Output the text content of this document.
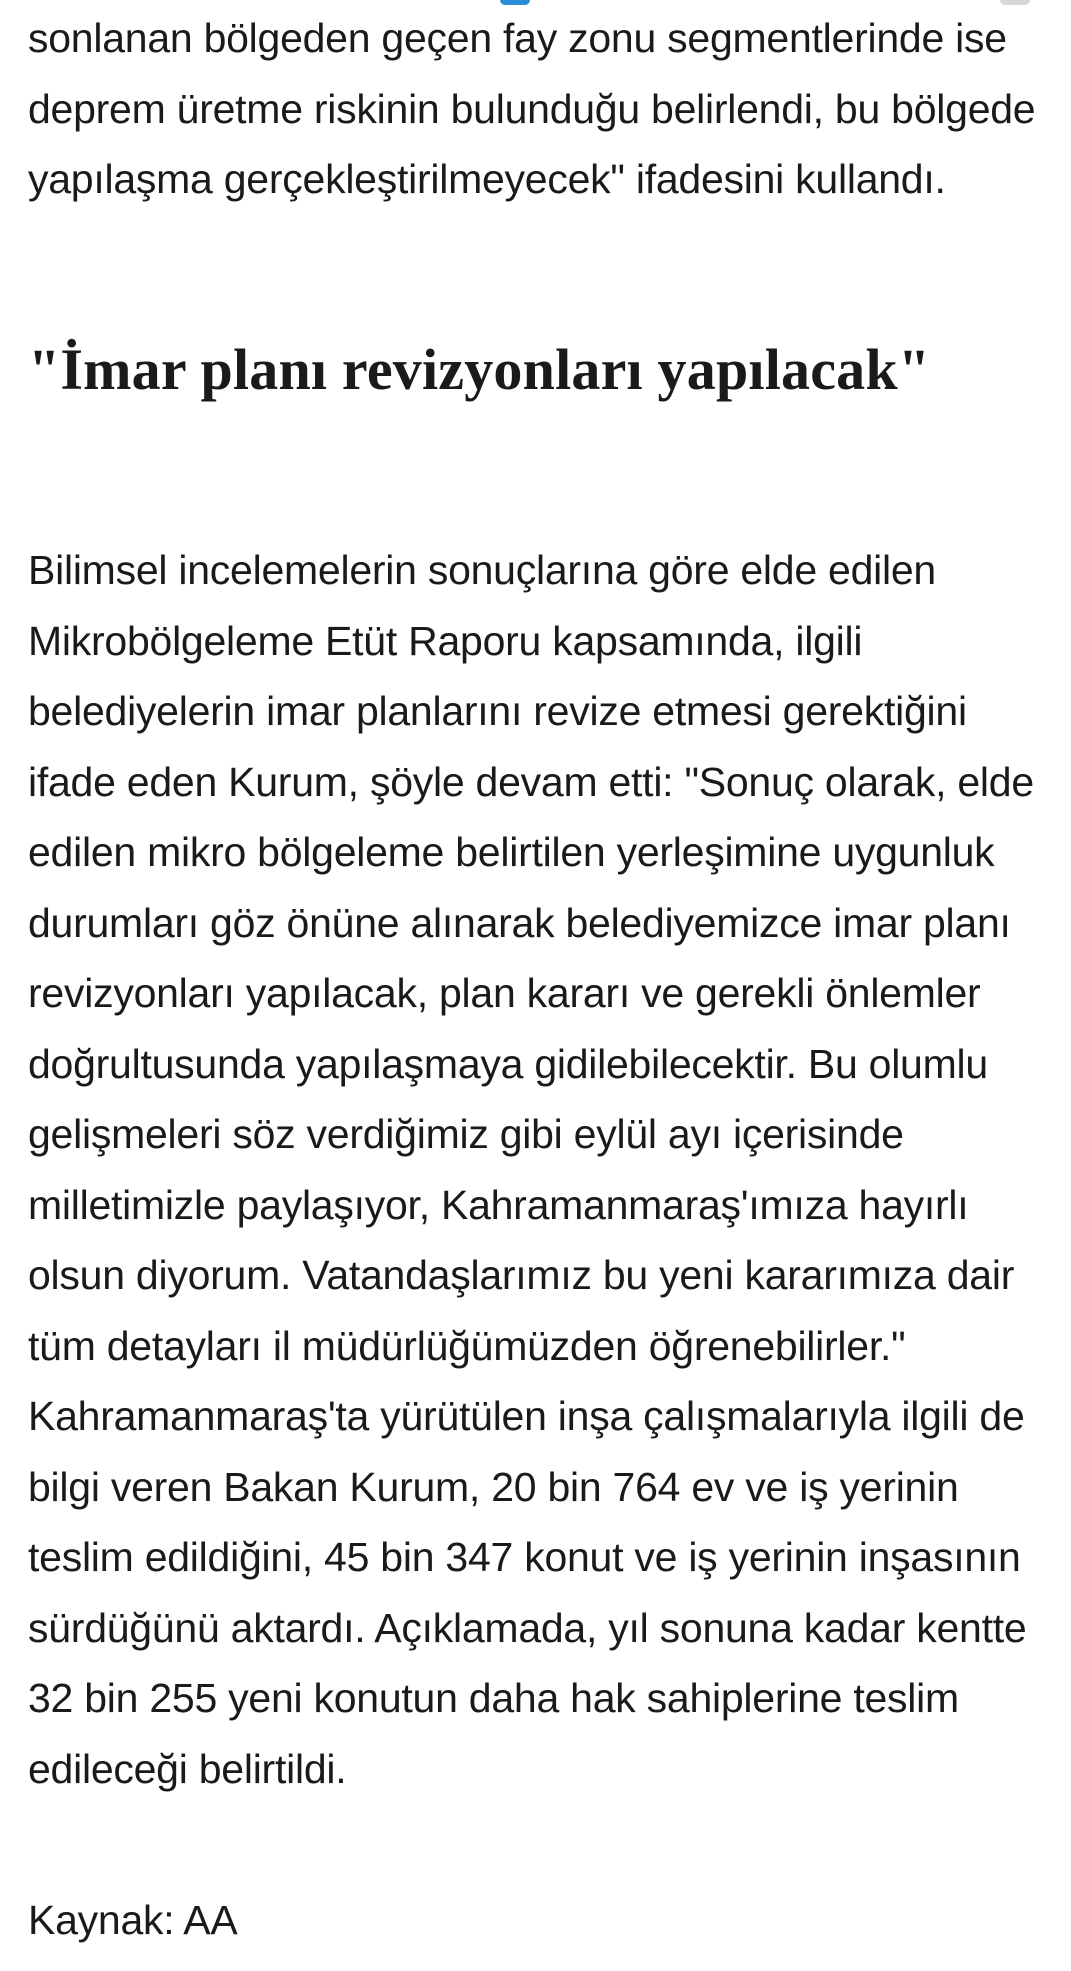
sonlanan bölgeden geçen fay zonu segmentlerinde ise deprem üretme riskinin bulunduğu belirlendi, bu bölgede yapılaşma gerçekleştirilmeyecek" ifadesini kullandı.

"İmar planı revizyonları yapılacak"

Bilimsel incelemelerin sonuçlarına göre elde edilen Mikrobölgeleme Etüt Raporu kapsamında, ilgili belediyelerin imar planlarını revize etmesi gerektiğini ifade eden Kurum, şöyle devam etti: "Sonuç olarak, elde edilen mikro bölgeleme belirtilen yerleşimine uygunluk durumları göz önüne alınarak belediyemizce imar planı revizyonları yapılacak, plan kararı ve gerekli önlemler doğrultusunda yapılaşmaya gidilebilecektir. Bu olumlu gelişmeleri söz verdiğimiz gibi eylül ayı içerisinde milletimizle paylaşıyor, Kahramanmaraş'ımıza hayırlı olsun diyorum. Vatandaşlarımız bu yeni kararımıza dair tüm detayları il müdürlüğümüzden öğrenebilirler." Kahramanmaraş'ta yürütülen inşa çalışmalarıyla ilgili de bilgi veren Bakan Kurum, 20 bin 764 ev ve iş yerinin teslim edildiğini, 45 bin 347 konut ve iş yerinin inşasının sürdüğünü aktardı. Açıklamada, yıl sonuna kadar kentte 32 bin 255 yeni konutun daha hak sahiplerine teslim edileceği belirtildi.

Kaynak: AA
